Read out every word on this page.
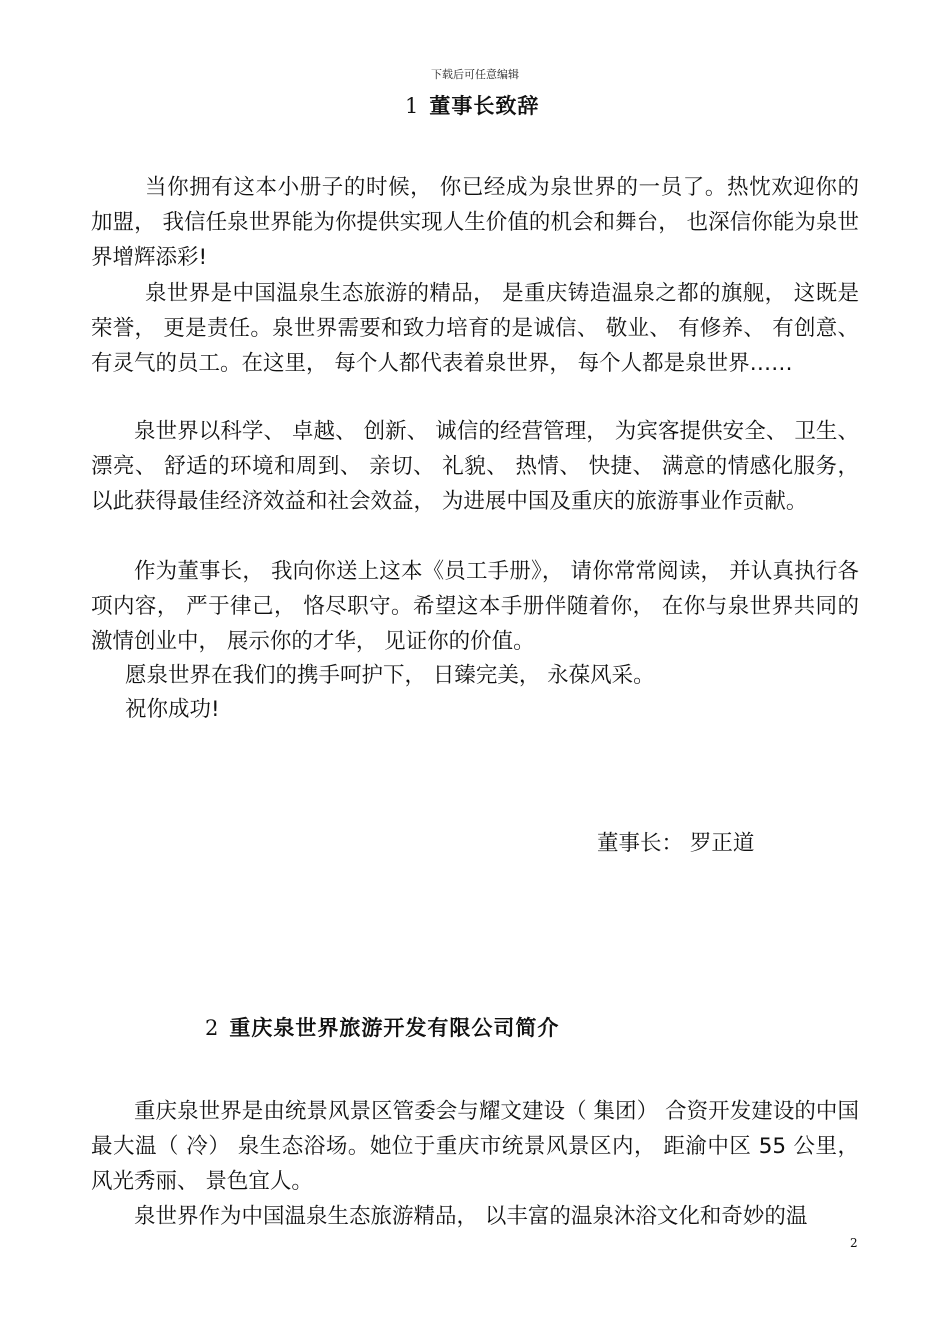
下载后可任意编辑
1 董事长致辞

当你拥有这本小册子的时候， 你已经成为泉世界的一员了。热忱欢迎你的加盟， 我信任泉世界能为你提供实现人生价值的机会和舞台， 也深信你能为泉世界增辉添彩!

泉世界是中国温泉生态旅游的精品， 是重庆铸造温泉之都的旗舰， 这既是荣誉， 更是责任。泉世界需要和致力培育的是诚信、 敬业、 有修养、 有创意、 有灵气的员工。在这里， 每个人都代表着泉世界， 每个人都是泉世界……

泉世界以科学、 卓越、 创新、 诚信的经营管理， 为宾客提供安全、 卫生、 漂亮、 舒适的环境和周到、 亲切、 礼貌、 热情、 快捷、 满意的情感化服务， 以此获得最佳经济效益和社会效益， 为进展中国及重庆的旅游事业作贡献。

作为董事长， 我向你送上这本《员工手册》， 请你常常阅读， 并认真执行各项内容， 严于律己， 恪尽职守。希望这本手册伴随着你， 在你与泉世界共同的激情创业中， 展示你的才华， 见证你的价值。

愿泉世界在我们的携手呵护下， 日臻完美， 永葆风采。

祝你成功!

董事长： 罗正道

2 重庆泉世界旅游开发有限公司简介

重庆泉世界是由统景风景区管委会与耀文建设（ 集团） 合资开发建设的中国最大温（ 冷） 泉生态浴场。她位于重庆市统景风景区内， 距渝中区 55 公里， 风光秀丽、 景色宜人。

泉世界作为中国温泉生态旅游精品， 以丰富的温泉沐浴文化和奇妙的温

2
